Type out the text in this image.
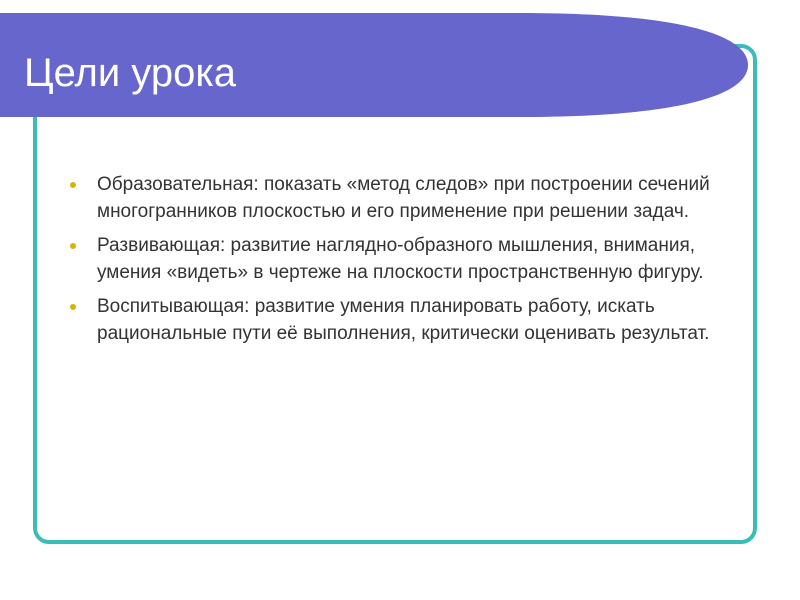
Цели урока
Образовательная: показать «метод следов» при построении сечений многогранников плоскостью и его применение при решении задач.
Развивающая: развитие наглядно-образного мышления, внимания, умения «видеть» в чертеже на плоскости пространственную фигуру.
Воспитывающая: развитие умения планировать работу, искать рациональные пути её выполнения, критически оценивать результат.
